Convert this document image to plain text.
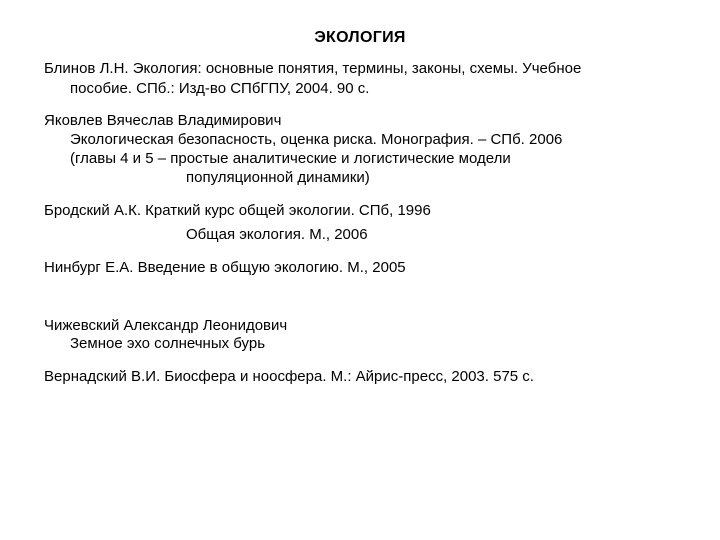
ЭКОЛОГИЯ
Блинов Л.Н. Экология: основные понятия, термины, законы, схемы. Учебное
пособие. СПб.: Изд-во СПбГПУ, 2004. 90 с.
Яковлев Вячеслав Владимирович
Экологическая безопасность, оценка риска. Монография. – СПб. 2006
(главы 4 и 5 – простые аналитические и логистические модели
популяционной динамики)
Бродский А.К. Краткий курс общей экологии. СПб, 1996
Общая экология. М., 2006
Нинбург Е.А. Введение в общую экологию. М., 2005
Чижевский Александр Леонидович
Земное эхо солнечных бурь
Вернадский В.И. Биосфера и ноосфера. М.: Айрис-пресс, 2003. 575 с.
